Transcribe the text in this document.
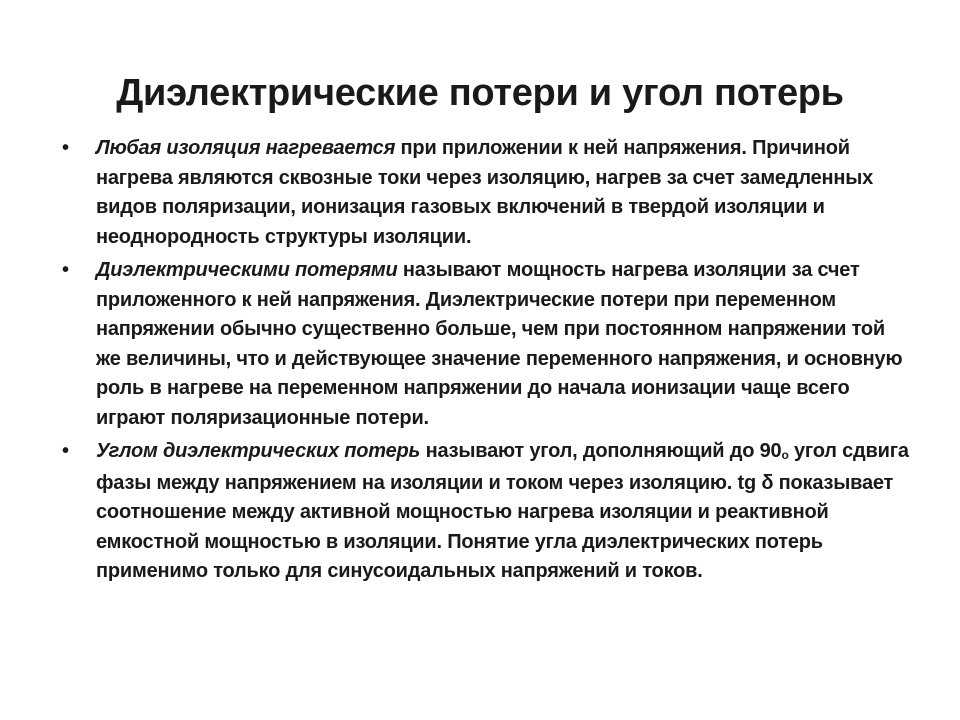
Диэлектрические потери и угол потерь
•	Любая изоляция нагревается при приложении к ней напряжения. Причиной нагрева являются сквозные токи через изоляцию, нагрев за счет замедленных видов поляризации, ионизация газовых включений в твердой изоляции и неоднородность структуры изоляции.
•	Диэлектрическими потерями называют мощность нагрева изоляции за счет приложенного к ней напряжения. Диэлектрические потери при переменном напряжении обычно существенно больше, чем при постоянном напряжении той же величины, что и действующее значение переменного напряжения, и основную роль в нагреве на переменном напряжении до начала ионизации чаще всего играют поляризационные потери.
•	Углом диэлектрических потерь называют угол, дополняющий до 90o угол сдвига фазы между напряжением на изоляции и током через изоляцию. tg δ показывает соотношение между активной мощностью нагрева изоляции и реактивной емкостной мощностью в изоляции. Понятие угла диэлектрических потерь применимо только для синусоидальных напряжений и токов.
